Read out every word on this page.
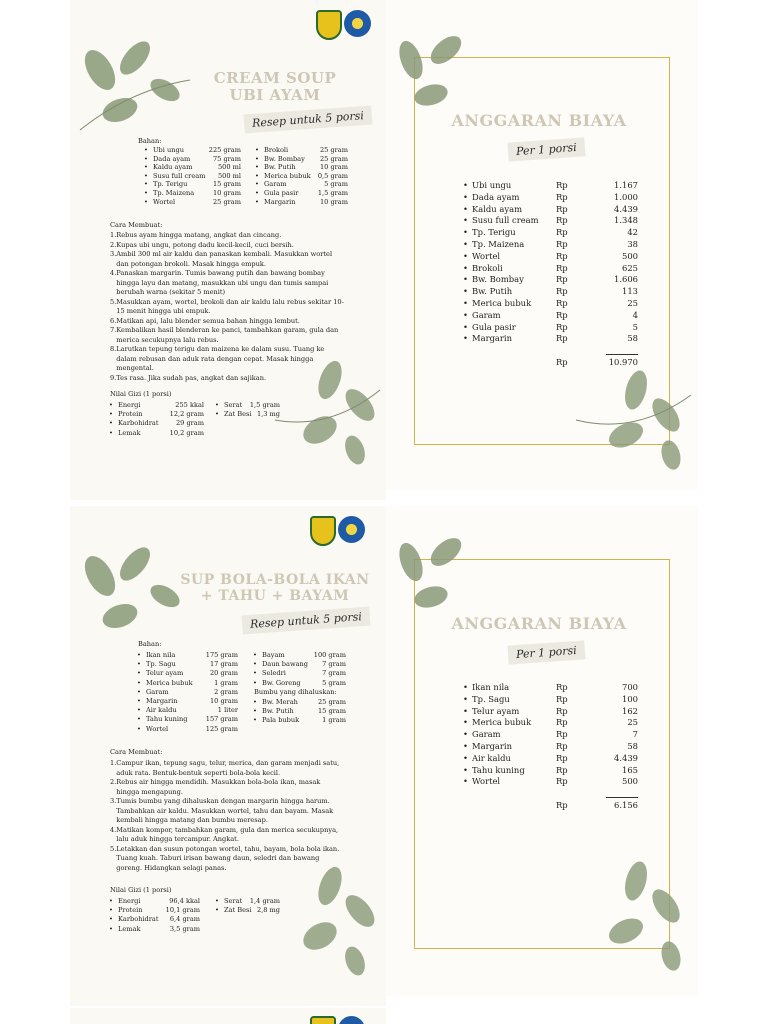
CREAM SOUP
UBI AYAM
Resep untuk 5 porsi
Bahan:
• Ubi ungu	225 gram
• Dada ayam	75 gram
• Kaldu ayam	500 ml
• Susu full cream	500 ml
• Tp. Terigu	15 gram
• Tp. Maizena	10 gram
• Wortel	25 gram
• Brokoli	25 gram
• Bw. Bombay	25 gram
• Bw. Putih	10 gram
• Merica bubuk	0,5 gram
• Garam	5 gram
• Gula pasir	1,5 gram
• Margarin	10 gram
Cara Membuat:
1.Rebus ayam hingga matang, angkat dan cincang.
2.Kupas ubi ungu, potong dadu kecil-kecil, cuci bersih.
3.Ambil 300 ml air kaldu dan panaskan kembali. Masukkan wortel
dan potongan brokoli. Masak hingga empuk.
4.Panaskan margarin. Tumis bawang putih dan bawang bombay
hingga layu dan matang, masukkan ubi ungu dan tumis sampai
berubah warna (sekitar 5 menit)
5.Masukkan ayam, wortel, brokoli dan air kaldu lalu rebus sekitar 10-
15 menit hingga ubi empuk.
6.Matikan api, lalu blender semua bahan hingga lembut.
7.Kembalikan hasil blenderan ke panci, tambahkan garam, gula dan
merica secukupnya lalu rebus.
8.Larutkan tepung terigu dan maizena ke dalam susu. Tuang ke
dalam rebusan dan aduk rata dengan cepat. Masak hingga
mengental.
9.Tes rasa. Jika sudah pas, angkat dan sajikan.
Nilai Gizi (1 porsi)
• Energi	255 kkal
• Protein	12,2 gram
• Karbohidrat	29 gram
• Lemak	10,2 gram
• Serat	1,5 gram
• Zat Besi 1,3 mg
ANGGARAN BIAYA
Per 1 porsi
• Ubi ungu	Rp	1.167
• Dada ayam	Rp	1.000
• Kaldu ayam	Rp	4.439
• Susu full cream Rp	1.348
• Tp. Terigu	Rp	42
• Tp. Maizena	Rp	38
• Wortel	Rp	500
• Brokoli	Rp	625
• Bw. Bombay	Rp	1.606
• Bw. Putih	Rp	113
• Merica bubuk	Rp	25
• Garam	Rp	4
• Gula pasir	Rp	5
• Margarin	Rp	58
Rp	10.970
SUP BOLA-BOLA IKAN
+ TAHU + BAYAM
Resep untuk 5 porsi
Bahan:
• Ikan nila	175 gram
• Tp. Sagu	17 gram
• Telur ayam	20 gram
• Merica bubuk	1 gram
• Garam	2 gram
• Margarin	10 gram
• Air kaldu	1 liter
• Tahu kuning	157 gram
• Wortel	125 gram
• Bayam	100 gram
• Daun bawang	7 gram
• Seledri	7 gram
• Bw. Goreng	5 gram
Bumbu yang dihaluskan:
• Bw. Merah	25 gram
• Bw. Putih	15 gram
• Pala bubuk	1 gram
Cara Membuat:
1.Campur ikan, tepung sagu, telur, merica, dan garam menjadi satu,
aduk rata. Bentuk-bentuk seperti bola-bola kecil.
2.Rebus air hingga mendidih. Masukkan bola-bola ikan, masak
hingga mengapung.
3.Tumis bumbu yang dihaluskan dengan margarin hingga harum.
Tambahkan air kaldu. Masukkan wortel, tahu dan bayam. Masak
kembali hingga matang dan bumbu meresap.
4.Matikan kompor, tambahkan garam, gula dan merica secukupnya,
lalu aduk hingga tercampur. Angkat.
5.Letakkan dan susun potongan wortel, tahu, bayam, bola bola ikan.
Tuang kuah. Taburi irisan bawang daun, seledri dan bawang
goreng. Hidangkan selagi panas.
Nilai Gizi (1 porsi)
• Energi	96,4 kkal
• Protein	10,1 gram
• Karbohidrat	6,4 gram
• Lemak	3,5 gram
• Serat	1,4 gram
• Zat Besi 2,8 mg
ANGGARAN BIAYA
Per 1 porsi
• Ikan nila	Rp	700
• Tp. Sagu	Rp	100
• Telur ayam	Rp	162
• Merica bubuk	Rp	25
• Garam	Rp	7
• Margarin	Rp	58
• Air kaldu	Rp	4.439
• Tahu kuning	Rp	165
• Wortel	Rp	500
Rp	6.156
